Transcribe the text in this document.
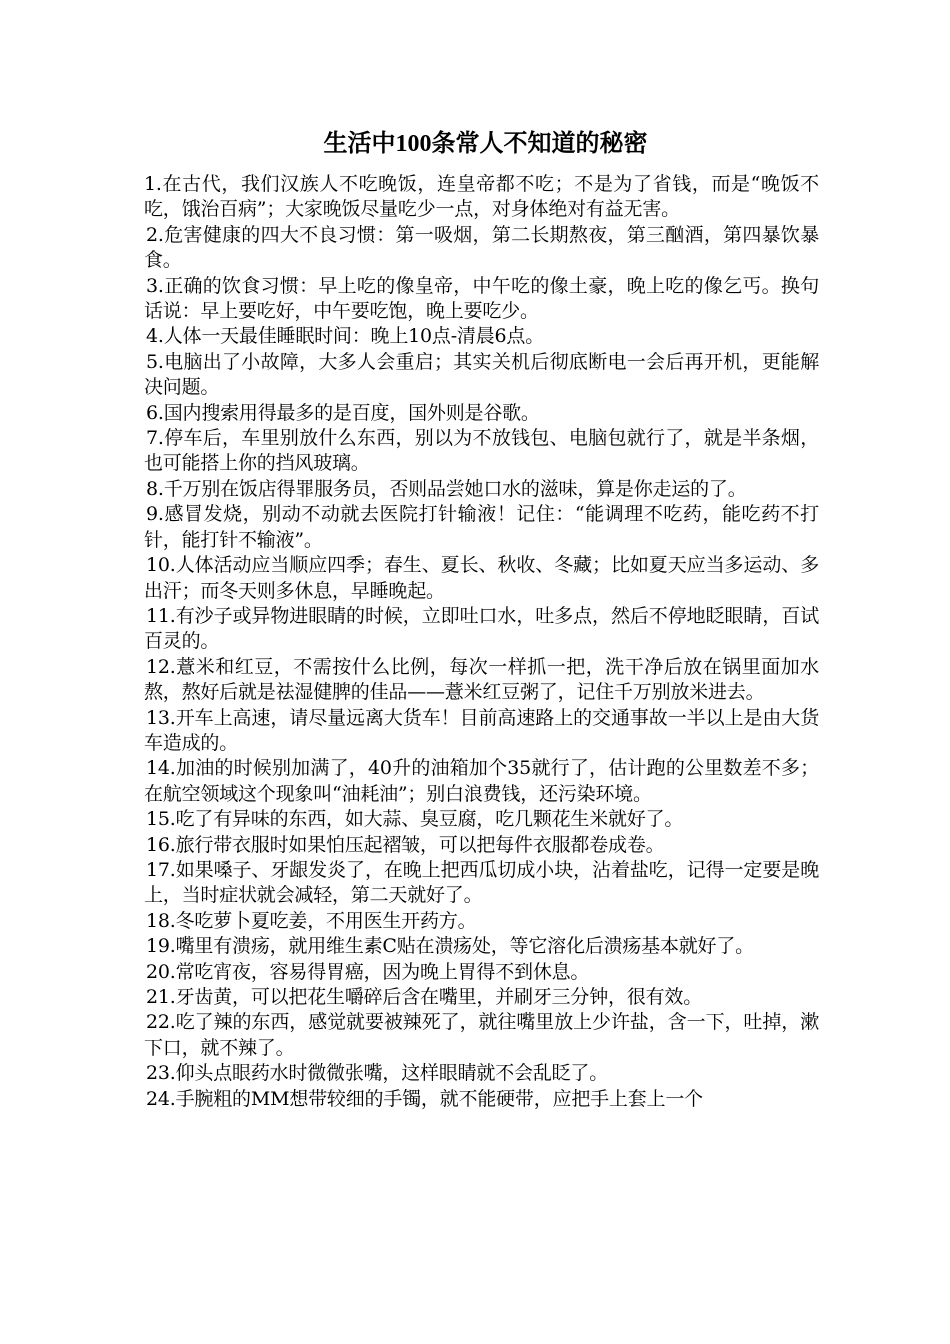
生活中100条常人不知道的秘密

1.在古代，我们汉族人不吃晚饭，连皇帝都不吃；不是为了省钱，而是“晚饭不吃，饿治百病”；大家晚饭尽量吃少一点，对身体绝对有益无害。

2.危害健康的四大不良习惯：第一吸烟，第二长期熬夜，第三酗酒，第四暴饮暴食。

3.正确的饮食习惯：早上吃的像皇帝，中午吃的像土豪，晚上吃的像乞丐。换句话说：早上要吃好，中午要吃饱，晚上要吃少。

4.人体一天最佳睡眠时间：晚上10点-清晨6点。

5.电脑出了小故障，大多人会重启；其实关机后彻底断电一会后再开机，更能解决问题。

6.国内搜索用得最多的是百度，国外则是谷歌。

7.停车后，车里别放什么东西，别以为不放钱包、电脑包就行了，就是半条烟，也可能搭上你的挡风玻璃。

8.千万别在饭店得罪服务员，否则品尝她口水的滋味，算是你走运的了。

9.感冒发烧，别动不动就去医院打针输液！记住：“能调理不吃药，能吃药不打针，能打针不输液”。

10.人体活动应当顺应四季；春生、夏长、秋收、冬藏；比如夏天应当多运动、多出汗；而冬天则多休息，早睡晚起。

11.有沙子或异物进眼睛的时候，立即吐口水，吐多点，然后不停地眨眼睛，百试百灵的。

12.薏米和红豆，不需按什么比例，每次一样抓一把，洗干净后放在锅里面加水熬，熬好后就是祛湿健脾的佳品——薏米红豆粥了，记住千万别放米进去。

13.开车上高速，请尽量远离大货车！目前高速路上的交通事故一半以上是由大货车造成的。

14.加油的时候别加满了，40升的油箱加个35就行了，估计跑的公里数差不多；在航空领域这个现象叫“油耗油”；别白浪费钱，还污染环境。

15.吃了有异味的东西，如大蒜、臭豆腐，吃几颗花生米就好了。

16.旅行带衣服时如果怕压起褶皱，可以把每件衣服都卷成卷。

17.如果嗓子、牙龈发炎了，在晚上把西瓜切成小块，沾着盐吃，记得一定要是晚上，当时症状就会减轻，第二天就好了。

18.冬吃萝卜夏吃姜，不用医生开药方。

19.嘴里有溃疡，就用维生素C贴在溃疡处，等它溶化后溃疡基本就好了。

20.常吃宵夜，容易得胃癌，因为晚上胃得不到休息。

21.牙齿黄，可以把花生嚼碎后含在嘴里，并刷牙三分钟，很有效。

22.吃了辣的东西，感觉就要被辣死了，就往嘴里放上少许盐，含一下，吐掉，漱下口，就不辣了。

23.仰头点眼药水时微微张嘴，这样眼睛就不会乱眨了。

24.手腕粗的MM想带较细的手镯，就不能硬带，应把手上套上一个
